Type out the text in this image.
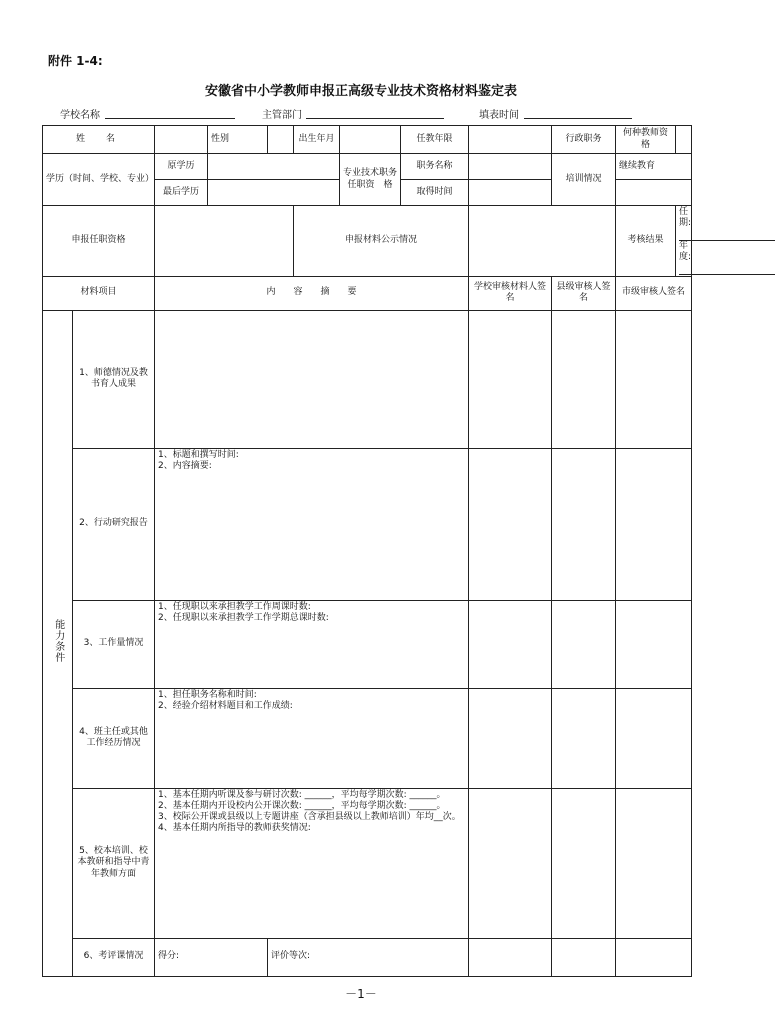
附件 1-4:
安徽省中小学教师申报正高级专业技术资格材料鉴定表
学校名称	主管部门	填表时间
姓　名			性别		出生年月		任教年限		行政职务	何种教师资　格	
学历（时间、学校、专业）		原学历				专业技术职务任职资　格	职务名称		培训情况	继续教育	
		最后学历					取得时间				
申报任职资格					申报材料公示情况					考核结果	任期:
年度:

材料项目		内　　容　　摘　　要						学校审核材料人签名	县级审核人签名	市级审核人签名	
能力条件	1、师德情况及教书育人成果										
	2、行动研究报告	1、标题和撰写时间:
2、内容摘要:									

	3、工作量情况	1、任现职以来承担教学工作周课时数:
2、任现职以来承担教学工作学期总课时数:									

	4、班主任或其他工作经历情况	1、担任职务名称和时间:
2、经验介绍材料题目和工作成绩:									

	5、校本培训、校本教研和指导中青年教师方面	1、基本任期内听课及参与研讨次数: ______，平均每学期次数: ______。
2、基本任期内开设校内公开课次数: ______，平均每学期次数: ______。
3、校际公开课或县级以上专题讲座（含承担县级以上教师培训）年均__次。
4、基本任期内所指导的教师获奖情况:									

	6、考评课情况	得分:		评价等次:							
－1－
